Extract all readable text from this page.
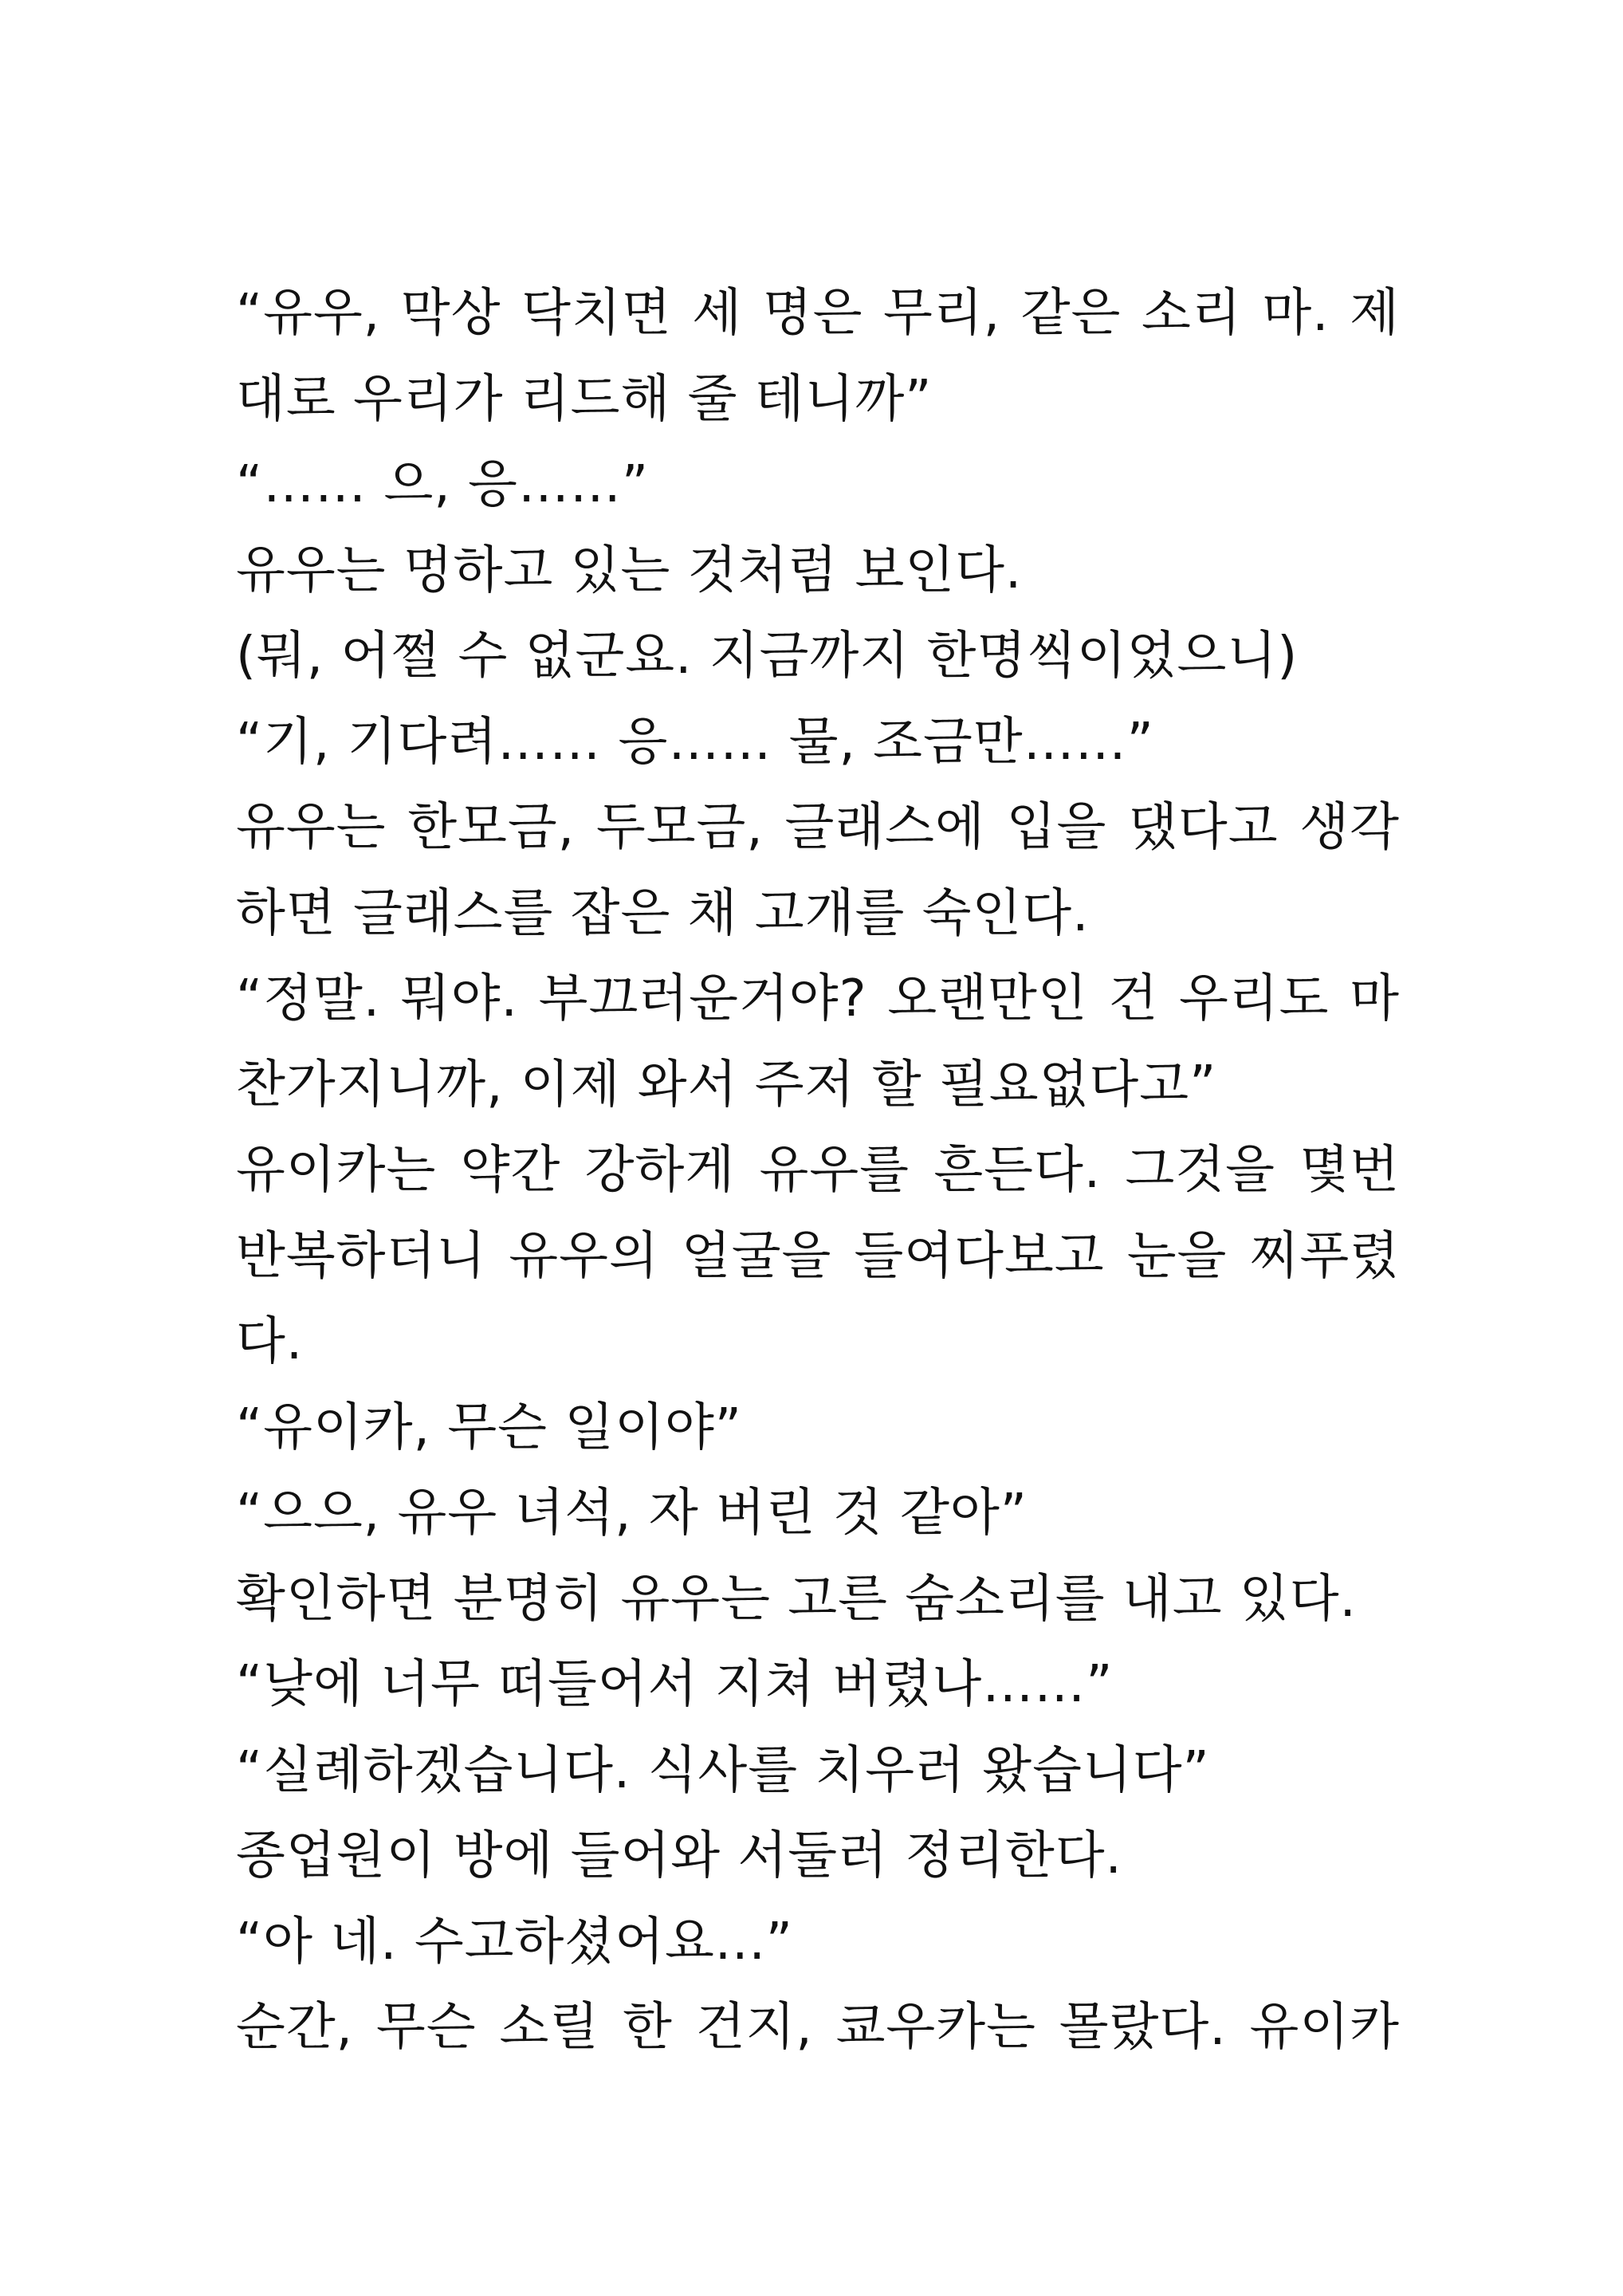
“유우, 막상 닥치면 세 명은 무리, 같은 소리 마. 제
대로 우리가 리드해 줄 테니까”
“…… 으, 응……”
유우는 멍하고 있는 것처럼 보인다.
(뭐, 어쩔 수 없군요. 지금까지 한명씩이었으니)
“기, 기다려…… 응…… 물, 조금만……”
유우는 한모금, 두모금, 글래스에 입을 댔다고 생각
하면 글래스를 잡은 채 고개를 숙인다.
“정말. 뭐야. 부끄러운거야? 오랜만인 건 우리도 마
찬가지니까, 이제 와서 주저 할 필요없다고”
유이카는 약간 강하게 유우를 흔든다. 그것을 몇번
반복하더니 유우의 얼굴을 들여다보고 눈을 찌푸렸
다.
“유이카, 무슨 일이야”
“으으, 유우 녀석, 자 버린 것 같아”
확인하면 분명히 유우는 고른 숨소리를 내고 있다.
“낮에 너무 떠들어서 지쳐 버렸나……”
“실례하겠습니다. 식사를 치우러 왔습니다”
종업원이 방에 들어와 서둘러 정리한다.
“아 네. 수고하셨어요...”
순간, 무슨 소릴 한 건지, 쿄우카는 몰랐다. 유이카
